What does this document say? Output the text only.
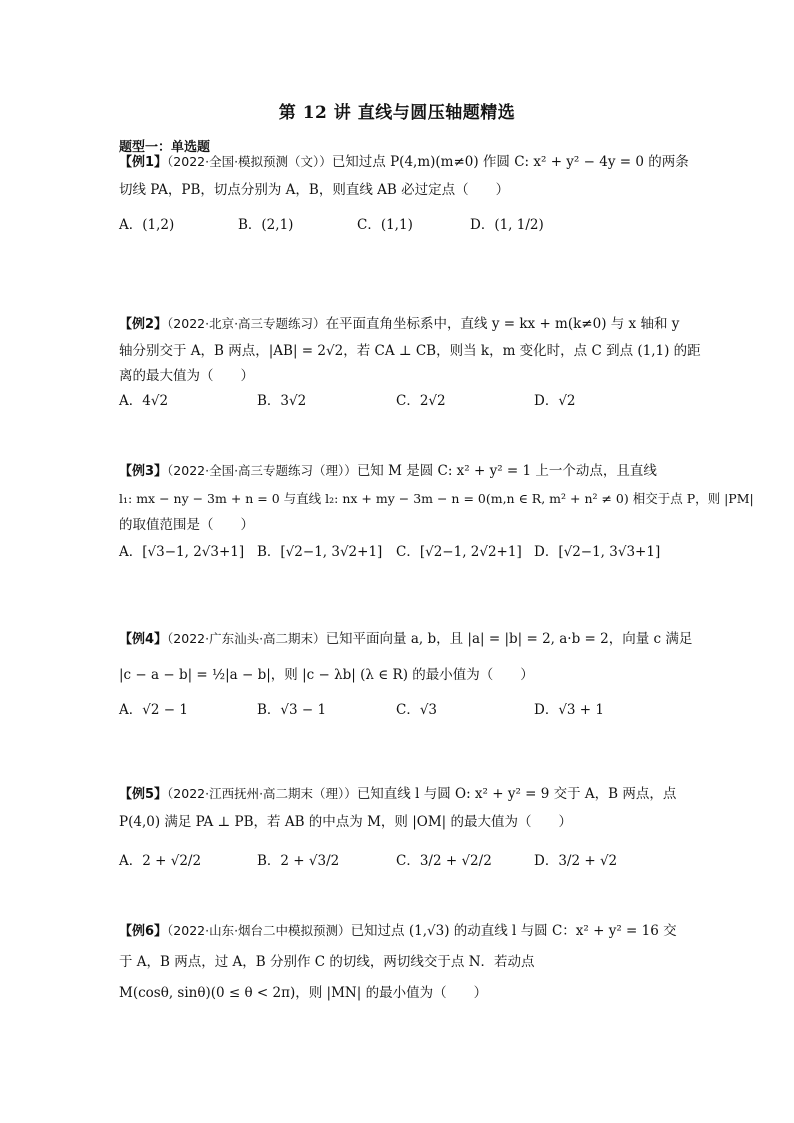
第 12 讲 直线与圆压轴题精选
题型一：单选题
【例1】（2022·全国·模拟预测（文））已知过点 P(4,m)(m≠0) 作圆 C: x² + y² − 4y = 0 的两条
切线 PA，PB，切点分别为 A，B，则直线 AB 必过定点（　　）
A．(1,2)	B．(2,1)	C．(1,1)	D．(1, 1/2)
【例2】（2022·北京·高三专题练习）在平面直角坐标系中，直线 y = kx + m(k≠0) 与 x 轴和 y
轴分别交于 A，B 两点，|AB| = 2√2，若 CA ⊥ CB，则当 k，m 变化时，点 C 到点 (1,1) 的距
离的最大值为（　　）
A．4√2	B．3√2	C．2√2	D．√2
【例3】（2022·全国·高三专题练习（理））已知 M 是圆 C: x² + y² = 1 上一个动点，且直线
l₁: mx − ny − 3m + n = 0 与直线 l₂: nx + my − 3m − n = 0(m,n ∈ R, m² + n² ≠ 0) 相交于点 P，则 |PM|
的取值范围是（　　）
A．[√3−1, 2√3+1] B．[√2−1, 3√2+1] C．[√2−1, 2√2+1] D．[√2−1, 3√3+1]
【例4】（2022·广东汕头·高二期末）已知平面向量 a, b，且 |a| = |b| = 2, a·b = 2，向量 c 满足
|c − a − b| = ½|a − b|，则 |c − λb| (λ ∈ R) 的最小值为（　　）
A．√2 − 1	B．√3 − 1	C．√3	D．√3 + 1
【例5】（2022·江西抚州·高二期末（理））已知直线 l 与圆 O: x² + y² = 9 交于 A，B 两点，点
P(4,0) 满足 PA ⊥ PB，若 AB 的中点为 M，则 |OM| 的最大值为（　　）
A．2 + √2/2	B．2 + √3/2	C．3/2 + √2/2	D．3/2 + √2
【例6】（2022·山东·烟台二中模拟预测）已知过点 (1,√3) 的动直线 l 与圆 C：x² + y² = 16 交
于 A，B 两点，过 A，B 分别作 C 的切线，两切线交于点 N．若动点
M(cosθ, sinθ)(0 ≤ θ < 2π)，则 |MN| 的最小值为（　　）
